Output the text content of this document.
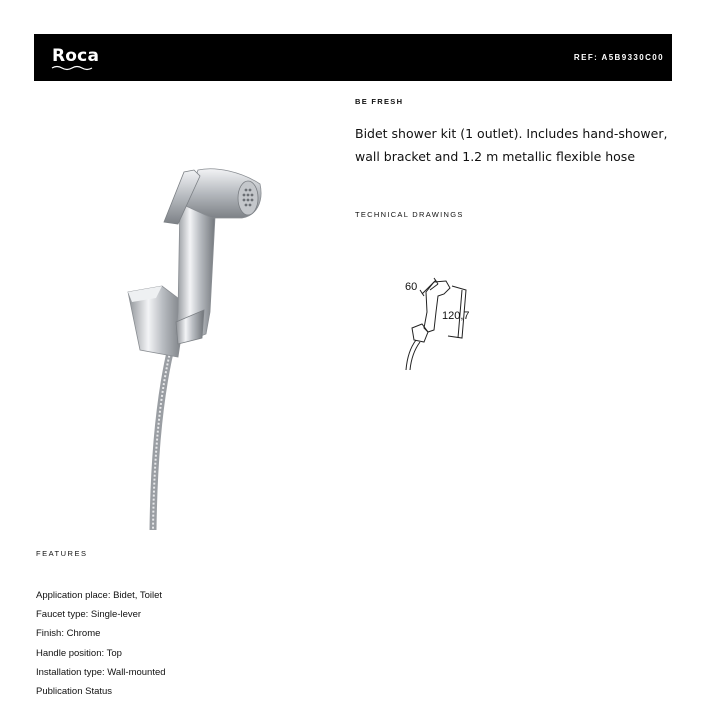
Roca	REF: A5B9330C00
BE FRESH
Bidet shower kit (1 outlet). Includes hand-shower, wall bracket and 1.2 m metallic flexible hose
TECHNICAL DRAWINGS
60
120,7
FEATURES
Application place: Bidet, Toilet
Faucet type: Single-lever
Finish: Chrome
Handle position: Top
Installation type: Wall-mounted
Publication Status
